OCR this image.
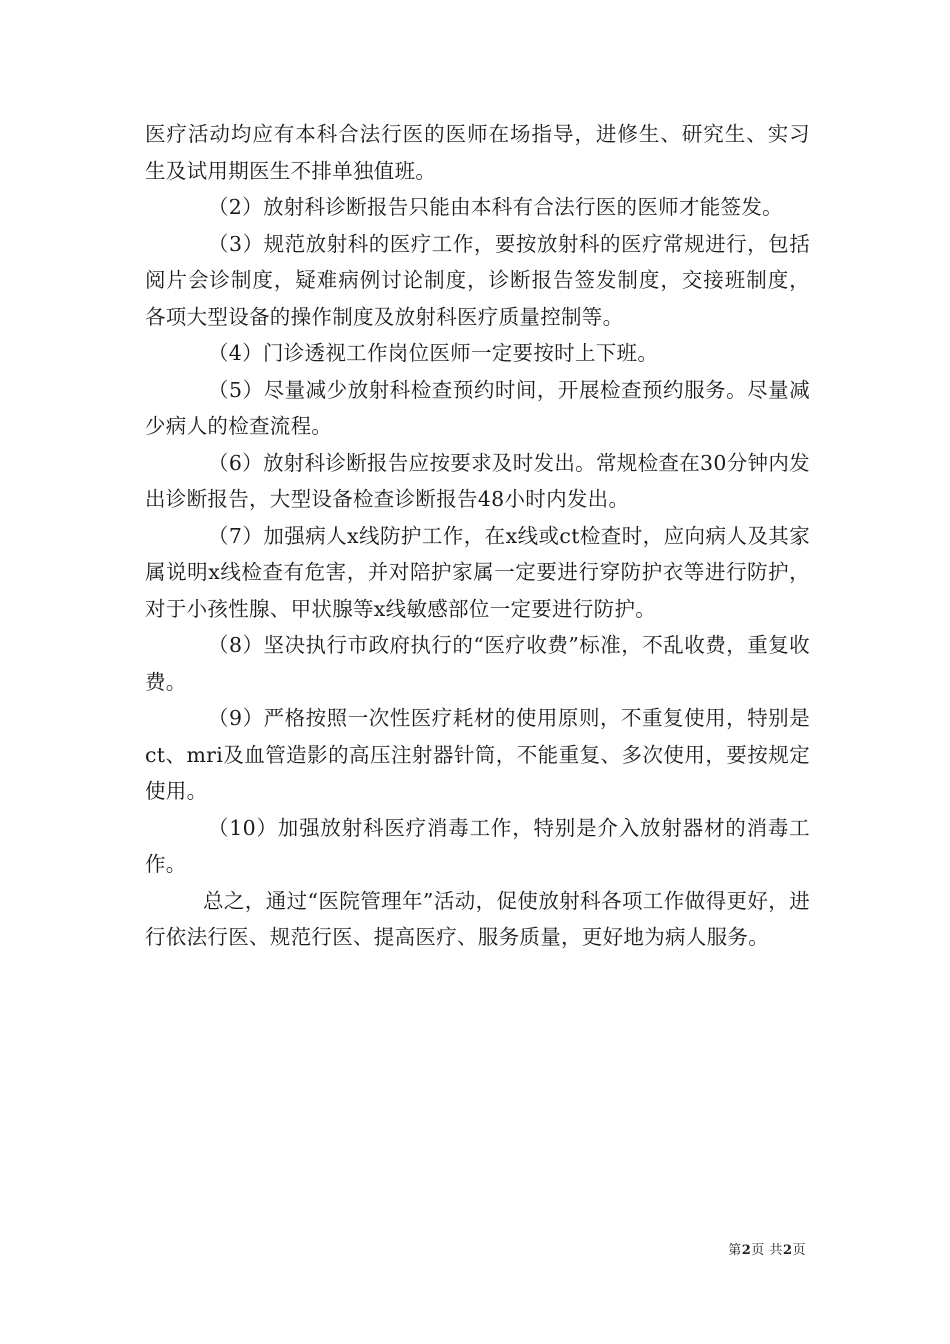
医疗活动均应有本科合法行医的医师在场指导，进修生、研究生、实习生及试用期医生不排单独值班。

（2）放射科诊断报告只能由本科有合法行医的医师才能签发。

（3）规范放射科的医疗工作，要按放射科的医疗常规进行，包括阅片会诊制度，疑难病例讨论制度，诊断报告签发制度，交接班制度，各项大型设备的操作制度及放射科医疗质量控制等。

（4）门诊透视工作岗位医师一定要按时上下班。

（5）尽量减少放射科检查预约时间，开展检查预约服务。尽量减少病人的检查流程。

（6）放射科诊断报告应按要求及时发出。常规检查在30分钟内发出诊断报告，大型设备检查诊断报告48小时内发出。

（7）加强病人x线防护工作，在x线或ct检查时，应向病人及其家属说明x线检查有危害，并对陪护家属一定要进行穿防护衣等进行防护，对于小孩性腺、甲状腺等x线敏感部位一定要进行防护。

（8）坚决执行市政府执行的“医疗收费”标准，不乱收费，重复收费。

（9）严格按照一次性医疗耗材的使用原则，不重复使用，特别是ct、mri及血管造影的高压注射器针筒，不能重复、多次使用，要按规定使用。

（10）加强放射科医疗消毒工作，特别是介入放射器材的消毒工作。

总之，通过“医院管理年”活动，促使放射科各项工作做得更好，进行依法行医、规范行医、提高医疗、服务质量，更好地为病人服务。

第2页 共2页
